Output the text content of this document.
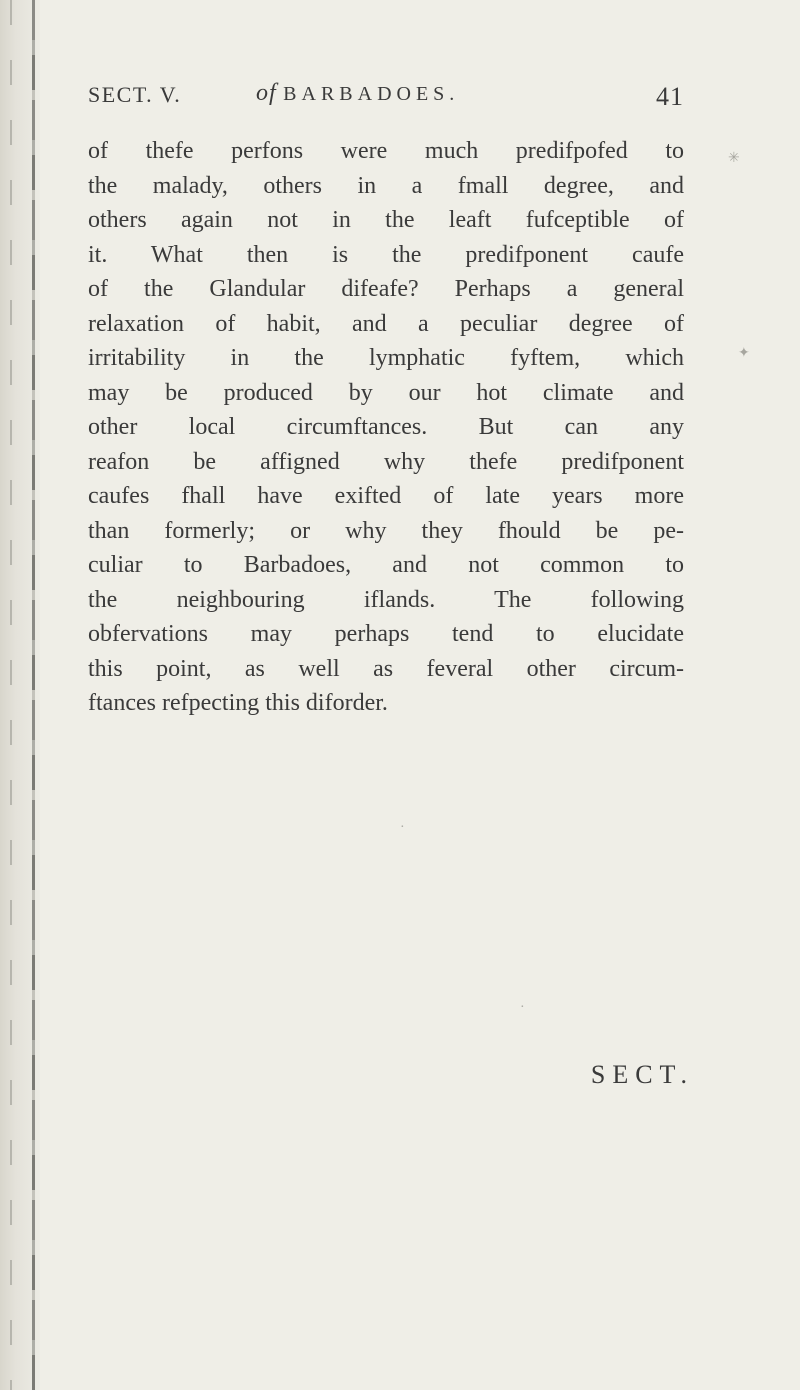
SECT. V.	of BARBADOES.	41
of thefe perfons were much predifpofed to
the malady, others in a fmall degree, and
others again not in the leaft fufceptible of
it. What then is the predifponent caufe
of the Glandular difeafe? Perhaps a general
relaxation of habit, and a peculiar degree of
irritability in the lymphatic fyftem, which
may be produced by our hot climate and
other local circumftances. But can any
reafon be affigned why thefe predifponent
caufes fhall have exifted of late years more
than formerly; or why they fhould be pe-
culiar to Barbadoes, and not common to
the neighbouring iflands. The following
obfervations may perhaps tend to elucidate
this point, as well as feveral other circum-
ftances refpecting this diforder.
SECT.
✳
✦
·
·
